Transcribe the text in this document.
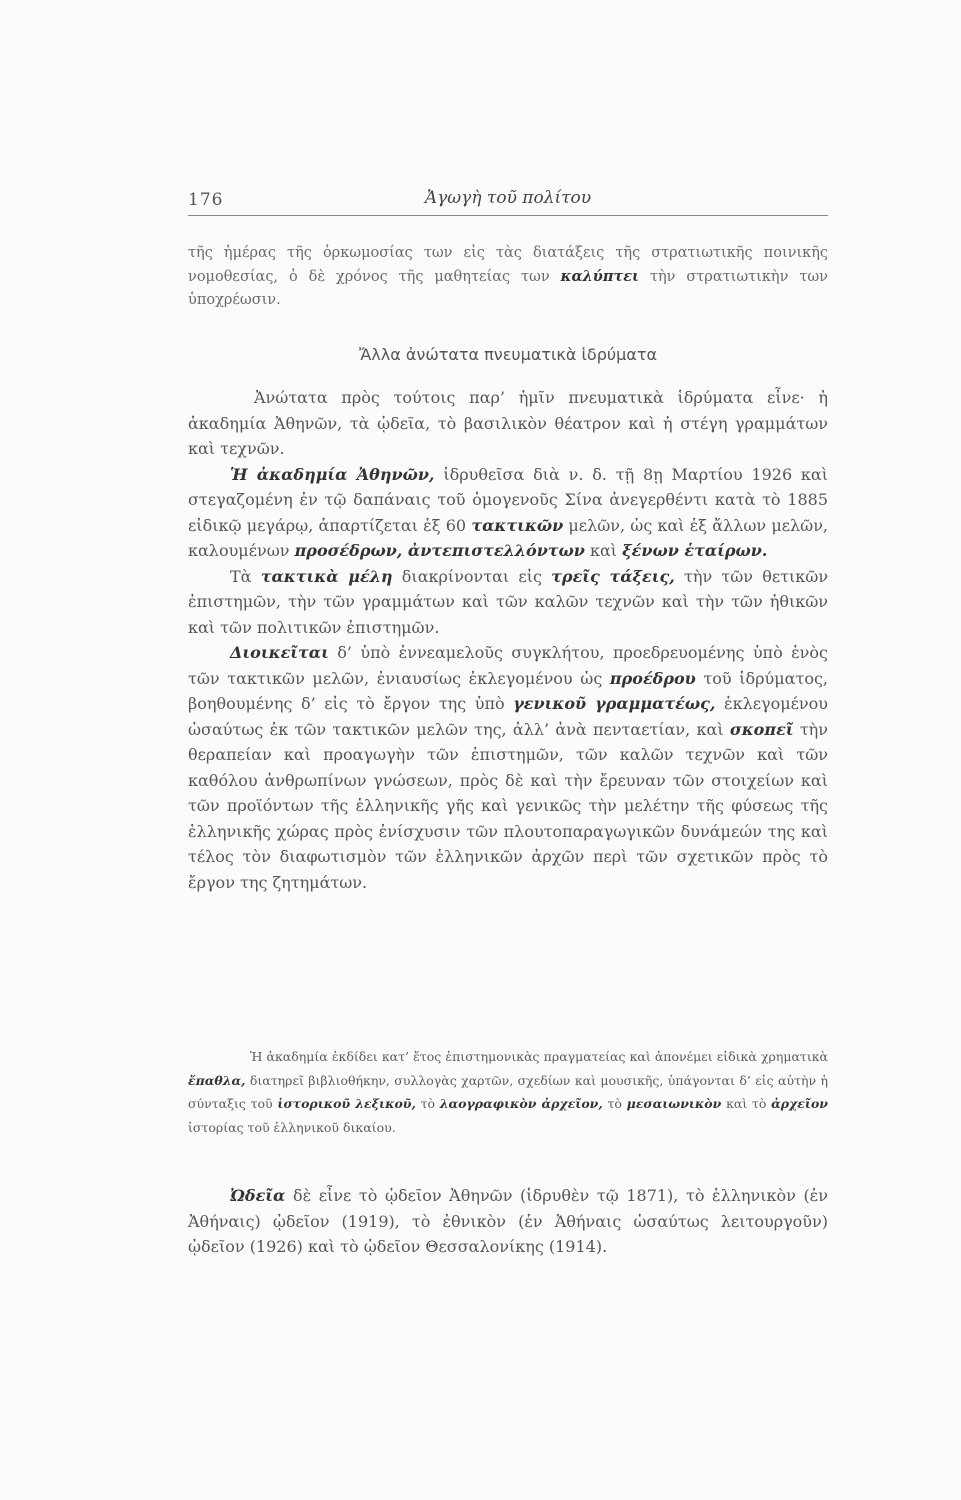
176	Ἀγωγὴ τοῦ πολίτου
τῆς ἡμέρας τῆς ὁρκωμοσίας των εἰς τὰς διατάξεις τῆς στρατιωτικῆς ποινικῆς νομοθεσίας, ὁ δὲ χρόνος τῆς μαθητείας των καλύπτει τὴν στρατιωτικὴν των ὑποχρέωσιν.
Ἄλλα ἀνώτατα πνευματικὰ ἱδρύματα

Ἀνώτατα πρὸς τούτοις παρ’ ἡμῖν πνευματικὰ ἱδρύματα εἶνε· ἡ ἀκαδημία Ἀθηνῶν, τὰ ᾠδεῖα, τὸ βασιλικὸν θέατρον καὶ ἡ στέγη γραμμάτων καὶ τεχνῶν.

Ἡ ἀκαδημία Ἀθηνῶν, ἱδρυθεῖσα διὰ ν. δ. τῇ 8ῃ Μαρτίου 1926 καὶ στεγαζομένη ἐν τῷ δαπάναις τοῦ ὁμογενοῦς Σίνα ἀνεγερθέντι κατὰ τὸ 1885 εἰδικῷ μεγάρῳ, ἀπαρτίζεται ἐξ 60 τακτικῶν μελῶν, ὡς καὶ ἐξ ἄλλων μελῶν, καλουμένων προσέδρων, ἀντεπιστελλόντων καὶ ξένων ἑταίρων.

Τὰ τακτικὰ μέλη διακρίνονται εἰς τρεῖς τάξεις, τὴν τῶν θετικῶν ἐπιστημῶν, τὴν τῶν γραμμάτων καὶ τῶν καλῶν τεχνῶν καὶ τὴν τῶν ἠθικῶν καὶ τῶν πολιτικῶν ἐπιστημῶν.

Διοικεῖται δ’ ὑπὸ ἐννεαμελοῦς συγκλήτου, προεδρευομένης ὑπὸ ἑνὸς τῶν τακτικῶν μελῶν, ἐνιαυσίως ἐκλεγομένου ὡς προέδρου τοῦ ἱδρύματος, βοηθουμένης δ’ εἰς τὸ ἔργον της ὑπὸ γενικοῦ γραμματέως, ἐκλεγομένου ὡσαύτως ἐκ τῶν τακτικῶν μελῶν της, ἀλλ’ ἀνὰ πενταετίαν, καὶ σκοπεῖ τὴν θεραπείαν καὶ προαγωγὴν τῶν ἐπιστημῶν, τῶν καλῶν τεχνῶν καὶ τῶν καθόλου ἀνθρωπίνων γνώσεων, πρὸς δὲ καὶ τὴν ἔρευναν τῶν στοιχείων καὶ τῶν προϊόντων τῆς ἑλληνικῆς γῆς καὶ γενικῶς τὴν μελέτην τῆς φύσεως τῆς ἑλληνικῆς χώρας πρὸς ἐνίσχυσιν τῶν πλουτοπαραγωγικῶν δυνάμεών της καὶ τέλος τὸν διαφωτισμὸν τῶν ἑλληνικῶν ἀρχῶν περὶ τῶν σχετικῶν πρὸς τὸ ἔργον της ζητημάτων.

Ἡ ἀκαδημία ἐκδίδει κατ’ ἔτος ἐπιστημονικὰς πραγματείας καὶ ἀπονέμει εἰδικὰ χρηματικὰ ἔπαθλα, διατηρεῖ βιβλιοθήκην, συλλογὰς χαρτῶν, σχεδίων καὶ μουσικῆς, ὑπάγονται δ’ εἰς αὐτὴν ἡ σύνταξις τοῦ ἱστορικοῦ λεξικοῦ, τὸ λαογραφικὸν ἀρχεῖον, τὸ μεσαιωνικὸν καὶ τὸ ἀρχεῖον ἱστορίας τοῦ ἑλληνικοῦ δικαίου.
Ὠδεῖα δὲ εἶνε τὸ ᾠδεῖον Ἀθηνῶν (ἱδρυθὲν τῷ 1871), τὸ ἑλληνικὸν (ἐν Ἀθήναις) ᾠδεῖον (1919), τὸ ἐθνικὸν (ἐν Ἀθήναις ὡσαύτως λειτουργοῦν) ᾠδεῖον (1926) καὶ τὸ ᾠδεῖον Θεσσαλονίκης (1914).
